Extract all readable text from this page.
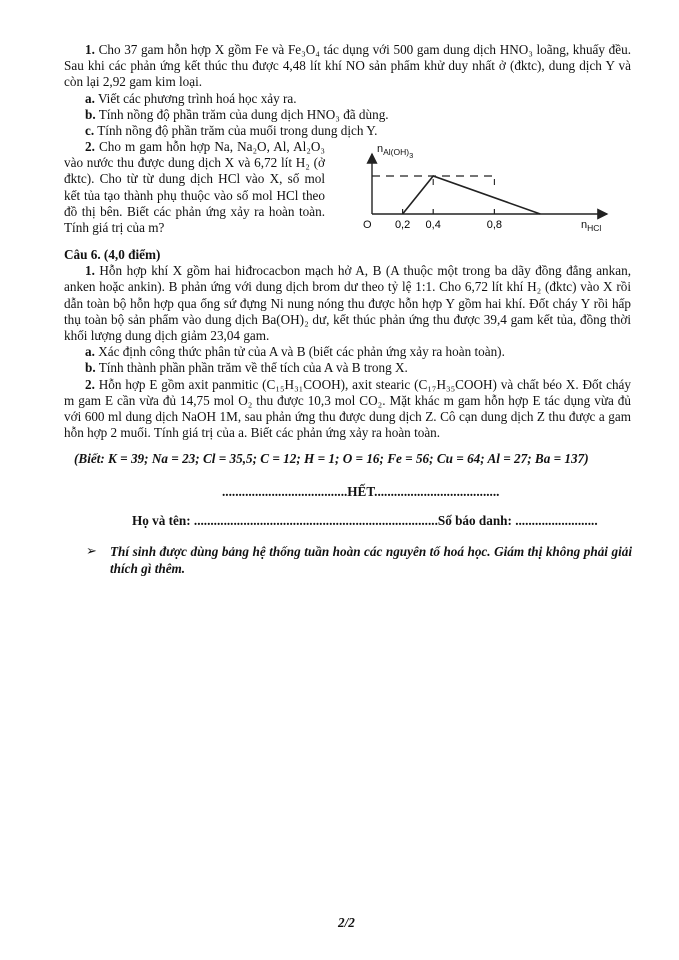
1. Cho 37 gam hỗn hợp X gồm Fe và Fe₃O₄ tác dụng với 500 gam dung dịch HNO₃ loãng, khuấy đều. Sau khi các phản ứng kết thúc thu được 4,48 lít khí NO sản phẩm khử duy nhất ở (đktc), dung dịch Y và còn lại 2,92 gam kim loại.

a. Viết các phương trình hoá học xảy ra.

b. Tính nồng độ phần trăm của dung dịch HNO₃ đã dùng.

c. Tính nồng độ phần trăm của muối trong dung dịch Y.

2. Cho m gam hỗn hợp Na, Na₂O, Al, Al₂O₃ vào nước thu được dung dịch X và 6,72 lít H₂ (ở đktc). Cho từ từ dung dịch HCl vào X, số mol kết tủa tạo thành phụ thuộc vào số mol HCl theo đồ thị bên. Biết các phản ứng xảy ra hoàn toàn. Tính giá trị của m?	0,2 0,4	0,8
$n_{Al(OH)3}$
O	$n_{HCl}$

Câu 6. (4,0 điểm)

1. Hỗn hợp khí X gồm hai hiđrocacbon mạch hở A, B (A thuộc một trong ba dãy đồng đẳng ankan, anken hoặc ankin). B phản ứng với dung dịch brom dư theo tỷ lệ 1:1. Cho 6,72 lít khí H₂ (đktc) vào X rồi dẫn toàn bộ hỗn hợp qua ống sứ đựng Ni nung nóng thu được hỗn hợp Y gồm hai khí. Đốt cháy Y rồi hấp thụ toàn bộ sản phẩm vào dung dịch Ba(OH)₂ dư, kết thúc phản ứng thu được 39,4 gam kết tủa, đồng thời khối lượng dung dịch giảm 23,04 gam.

a. Xác định công thức phân tử của A và B (biết các phản ứng xảy ra hoàn toàn).

b. Tính thành phần phần trăm về thể tích của A và B trong X.

2. Hỗn hợp E gồm axit panmitic (C₁₅H₃₁COOH), axit stearic (C₁₇H₃₅COOH) và chất béo X. Đốt cháy m gam E cần vừa đủ 14,75 mol O₂ thu được 10,3 mol CO₂. Mặt khác m gam hỗn hợp E tác dụng vừa đủ với 600 ml dung dịch NaOH 1M, sau phản ứng thu được dung dịch Z. Cô cạn dung dịch Z thu được a gam hỗn hợp 2 muối. Tính giá trị của a. Biết các phản ứng xảy ra hoàn toàn.

(Biết: K = 39; Na = 23; Cl = 35,5; C = 12; H = 1; O = 16; Fe = 56; Cu = 64; Al = 27; Ba = 137)
......................................HẾT......................................
Họ và tên: ..........................................................................Số báo danh: .........................
➢ Thí sinh được dùng bảng hệ thống tuần hoàn các nguyên tố hoá học. Giám thị không phải giải thích gì thêm.
2/2
